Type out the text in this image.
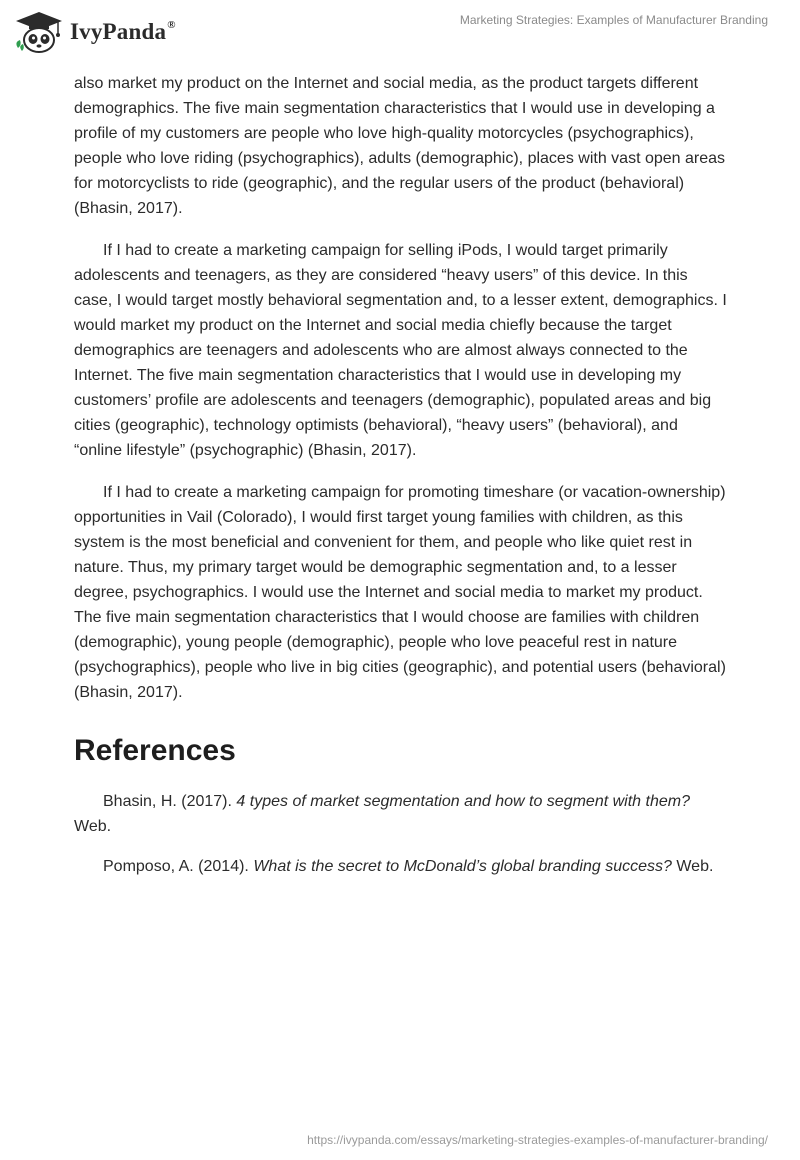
IvyPanda®	Marketing Strategies: Examples of Manufacturer Branding

also market my product on the Internet and social media, as the product targets different demographics. The five main segmentation characteristics that I would use in developing a profile of my customers are people who love high-quality motorcycles (psychographics), people who love riding (psychographics), adults (demographic), places with vast open areas for motorcyclists to ride (geographic), and the regular users of the product (behavioral) (Bhasin, 2017).

If I had to create a marketing campaign for selling iPods, I would target primarily adolescents and teenagers, as they are considered “heavy users” of this device. In this case, I would target mostly behavioral segmentation and, to a lesser extent, demographics. I would market my product on the Internet and social media chiefly because the target demographics are teenagers and adolescents who are almost always connected to the Internet. The five main segmentation characteristics that I would use in developing my customers’ profile are adolescents and teenagers (demographic), populated areas and big cities (geographic), technology optimists (behavioral), “heavy users” (behavioral), and “online lifestyle” (psychographic) (Bhasin, 2017).

If I had to create a marketing campaign for promoting timeshare (or vacation-ownership) opportunities in Vail (Colorado), I would first target young families with children, as this system is the most beneficial and convenient for them, and people who like quiet rest in nature. Thus, my primary target would be demographic segmentation and, to a lesser degree, psychographics. I would use the Internet and social media to market my product. The five main segmentation characteristics that I would choose are families with children (demographic), young people (demographic), people who love peaceful rest in nature (psychographics), people who live in big cities (geographic), and potential users (behavioral) (Bhasin, 2017).

References

Bhasin, H. (2017). 4 types of market segmentation and how to segment with them? Web.

Pomposo, A. (2014). What is the secret to McDonald’s global branding success? Web.

https://ivypanda.com/essays/marketing-strategies-examples-of-manufacturer-branding/
